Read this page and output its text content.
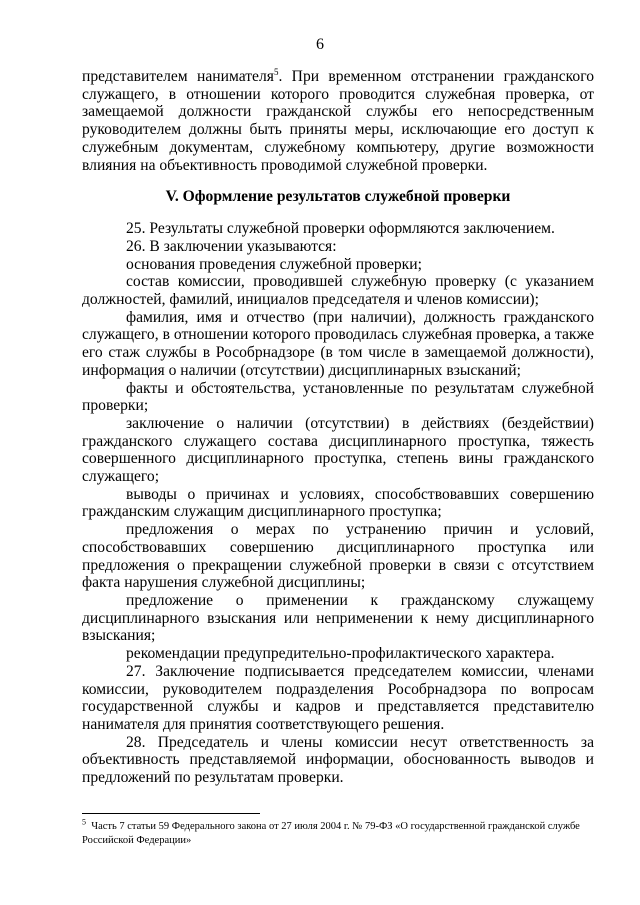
6

представителем нанимателя$^5$. При временном отстранении гражданского служащего, в отношении которого проводится служебная проверка, от замещаемой должности гражданской службы его непосредственным руководителем должны быть приняты меры, исключающие его доступ к служебным документам, служебному компьютеру, другие возможности влияния на объективность проводимой служебной проверки.

V. Оформление результатов служебной проверки

25. Результаты служебной проверки оформляются заключением.

26. В заключении указываются:

основания проведения служебной проверки;

состав комиссии, проводившей служебную проверку (с указанием должностей, фамилий, инициалов председателя и членов комиссии);

фамилия, имя и отчество (при наличии), должность гражданского служащего, в отношении которого проводилась служебная проверка, а также его стаж службы в Рособрнадзоре (в том числе в замещаемой должности), информация о наличии (отсутствии) дисциплинарных взысканий;

факты и обстоятельства, установленные по результатам служебной проверки;

заключение о наличии (отсутствии) в действиях (бездействии) гражданского служащего состава дисциплинарного проступка, тяжесть совершенного дисциплинарного проступка, степень вины гражданского служащего;

выводы о причинах и условиях, способствовавших совершению гражданским служащим дисциплинарного проступка;

предложения о мерах по устранению причин и условий, способствовавших совершению дисциплинарного проступка или предложения о прекращении служебной проверки в связи с отсутствием факта нарушения служебной дисциплины;

предложение о применении к гражданскому служащему дисциплинарного взыскания или неприменении к нему дисциплинарного взыскания;

рекомендации предупредительно-профилактического характера.

27. Заключение подписывается председателем комиссии, членами комиссии, руководителем подразделения Рособрнадзора по вопросам государственной службы и кадров и представляется представителю нанимателя для принятия соответствующего решения.

28. Председатель и члены комиссии несут ответственность за объективность представляемой информации, обоснованность выводов и предложений по результатам проверки.

$^5$ Часть 7 статьи 59 Федерального закона от 27 июля 2004 г. № 79-ФЗ «О государственной гражданской службе Российской Федерации»
